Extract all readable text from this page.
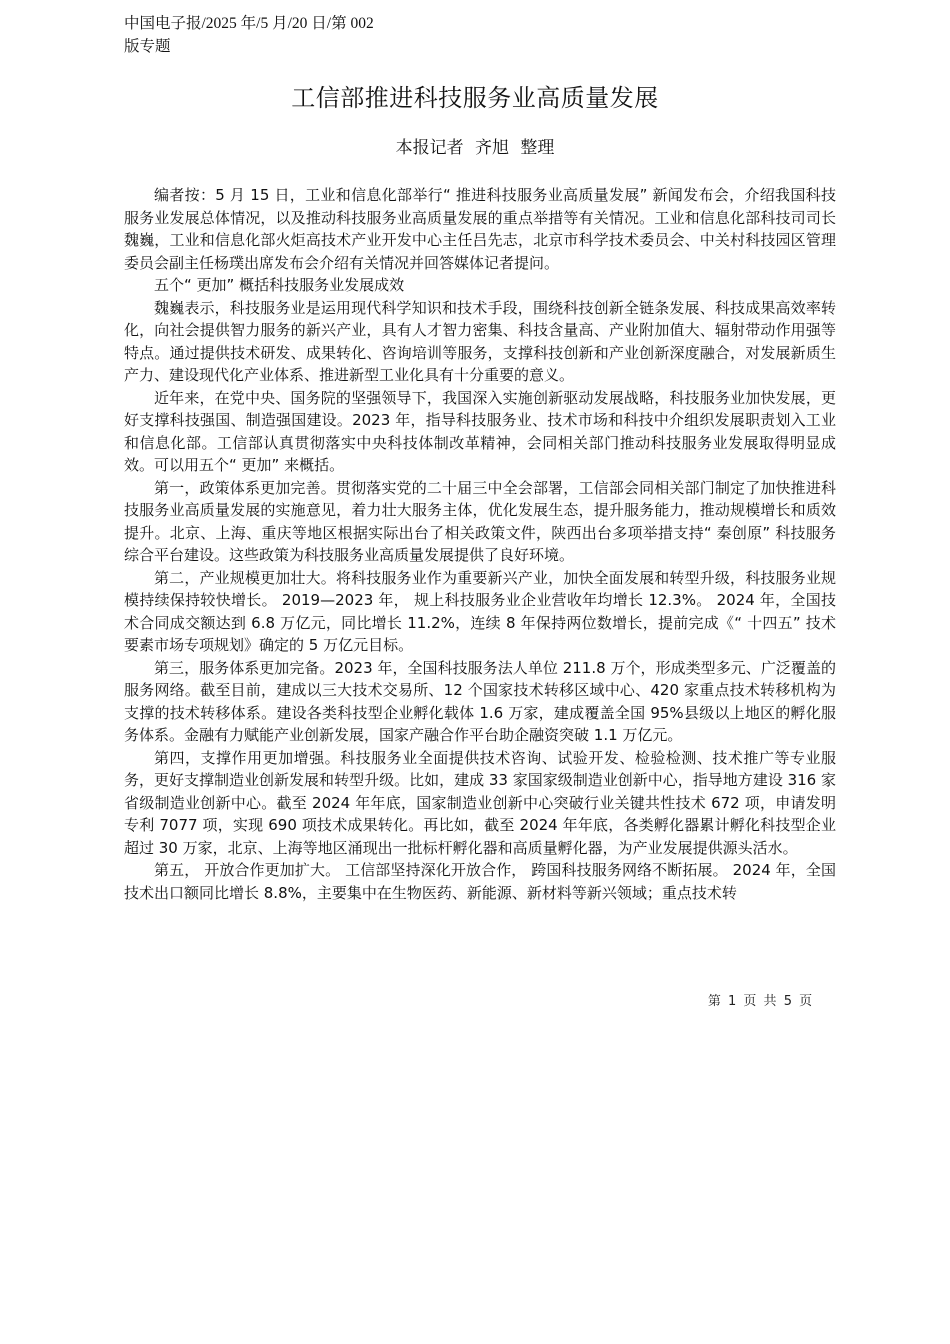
中国电子报/2025 年/5 月/20 日/第 002
版专题
工信部推进科技服务业高质量发展
本报记者 齐旭 整理

编者按：5 月 15 日，工业和信息化部举行“ 推进科技服务业高质量发展” 新闻发布会，介绍我国科技服务业发展总体情况，以及推动科技服务业高质量发展的重点举措等有关情况。工业和信息化部科技司司长魏巍，工业和信息化部火炬高技术产业开发中心主任吕先志，北京市科学技术委员会、中关村科技园区管理委员会副主任杨璞出席发布会介绍有关情况并回答媒体记者提问。

五个“ 更加” 概括科技服务业发展成效

魏巍表示，科技服务业是运用现代科学知识和技术手段，围绕科技创新全链条发展、科技成果高效率转化，向社会提供智力服务的新兴产业，具有人才智力密集、科技含量高、产业附加值大、辐射带动作用强等特点。通过提供技术研发、成果转化、咨询培训等服务，支撑科技创新和产业创新深度融合，对发展新质生产力、建设现代化产业体系、推进新型工业化具有十分重要的意义。

近年来，在党中央、国务院的坚强领导下，我国深入实施创新驱动发展战略，科技服务业加快发展，更好支撑科技强国、制造强国建设。2023 年，指导科技服务业、技术市场和科技中介组织发展职责划入工业和信息化部。工信部认真贯彻落实中央科技体制改革精神，会同相关部门推动科技服务业发展取得明显成效。可以用五个“ 更加” 来概括。

第一，政策体系更加完善。贯彻落实党的二十届三中全会部署，工信部会同相关部门制定了加快推进科技服务业高质量发展的实施意见，着力壮大服务主体，优化发展生态，提升服务能力，推动规模增长和质效提升。北京、上海、重庆等地区根据实际出台了相关政策文件，陕西出台多项举措支持“ 秦创原” 科技服务综合平台建设。这些政策为科技服务业高质量发展提供了良好环境。

第二，产业规模更加壮大。将科技服务业作为重要新兴产业，加快全面发展和转型升级，科技服务业规模持续保持较快增长。 2019—2023 年， 规上科技服务业企业营收年均增长 12.3%。 2024 年，全国技术合同成交额达到 6.8 万亿元，同比增长 11.2%，连续 8 年保持两位数增长，提前完成《“ 十四五” 技术要素市场专项规划》确定的 5 万亿元目标。

第三，服务体系更加完备。2023 年，全国科技服务法人单位 211.8 万个，形成类型多元、广泛覆盖的服务网络。截至目前，建成以三大技术交易所、12 个国家技术转移区域中心、420 家重点技术转移机构为支撑的技术转移体系。建设各类科技型企业孵化载体 1.6 万家，建成覆盖全国 95%县级以上地区的孵化服务体系。金融有力赋能产业创新发展，国家产融合作平台助企融资突破 1.1 万亿元。

第四，支撑作用更加增强。科技服务业全面提供技术咨询、试验开发、检验检测、技术推广等专业服务，更好支撑制造业创新发展和转型升级。比如，建成 33 家国家级制造业创新中心，指导地方建设 316 家省级制造业创新中心。截至 2024 年年底，国家制造业创新中心突破行业关键共性技术 672 项，申请发明专利 7077 项，实现 690 项技术成果转化。再比如，截至 2024 年年底，各类孵化器累计孵化科技型企业超过 30 万家，北京、上海等地区涌现出一批标杆孵化器和高质量孵化器，为产业发展提供源头活水。

第五， 开放合作更加扩大。 工信部坚持深化开放合作， 跨国科技服务网络不断拓展。 2024 年，全国技术出口额同比增长 8.8%，主要集中在生物医药、新能源、新材料等新兴领域；重点技术转

第 1 页 共 5 页
